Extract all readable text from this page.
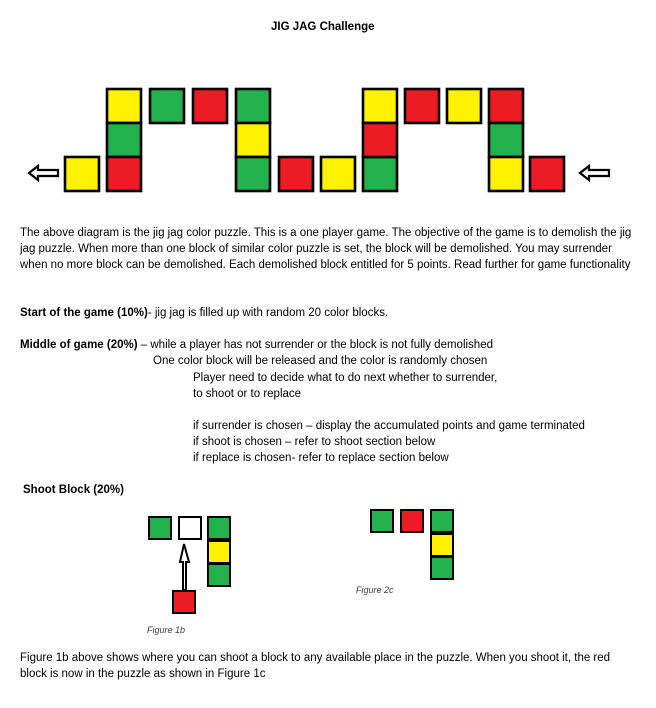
JIG JAG Challenge
The above diagram is the jig jag color puzzle. This is a one player game. The objective of the game is to demolish the jig jag puzzle. When more than one block of similar color puzzle is set, the block will be demolished. You may surrender when no more block can be demolished. Each demolished block entitled for 5 points. Read further for game functionality
Start of the game (10%)- jig jag is filled up with random 20 color blocks.
Middle of game (20%) – while a player has not surrender or the block is not fully demolished
One color block will be released and the color is randomly chosen
Player need to decide what to do next whether to surrender,
to shoot or to replace
if surrender is chosen – display the accumulated points and game terminated
if shoot is chosen – refer to shoot section below
if replace is chosen- refer to replace section below
Shoot Block (20%)
Figure 1b
Figure 2c
Figure 1b above shows where you can shoot a block to any available place in the puzzle. When you shoot it, the red block is now in the puzzle as shown in Figure 1c
